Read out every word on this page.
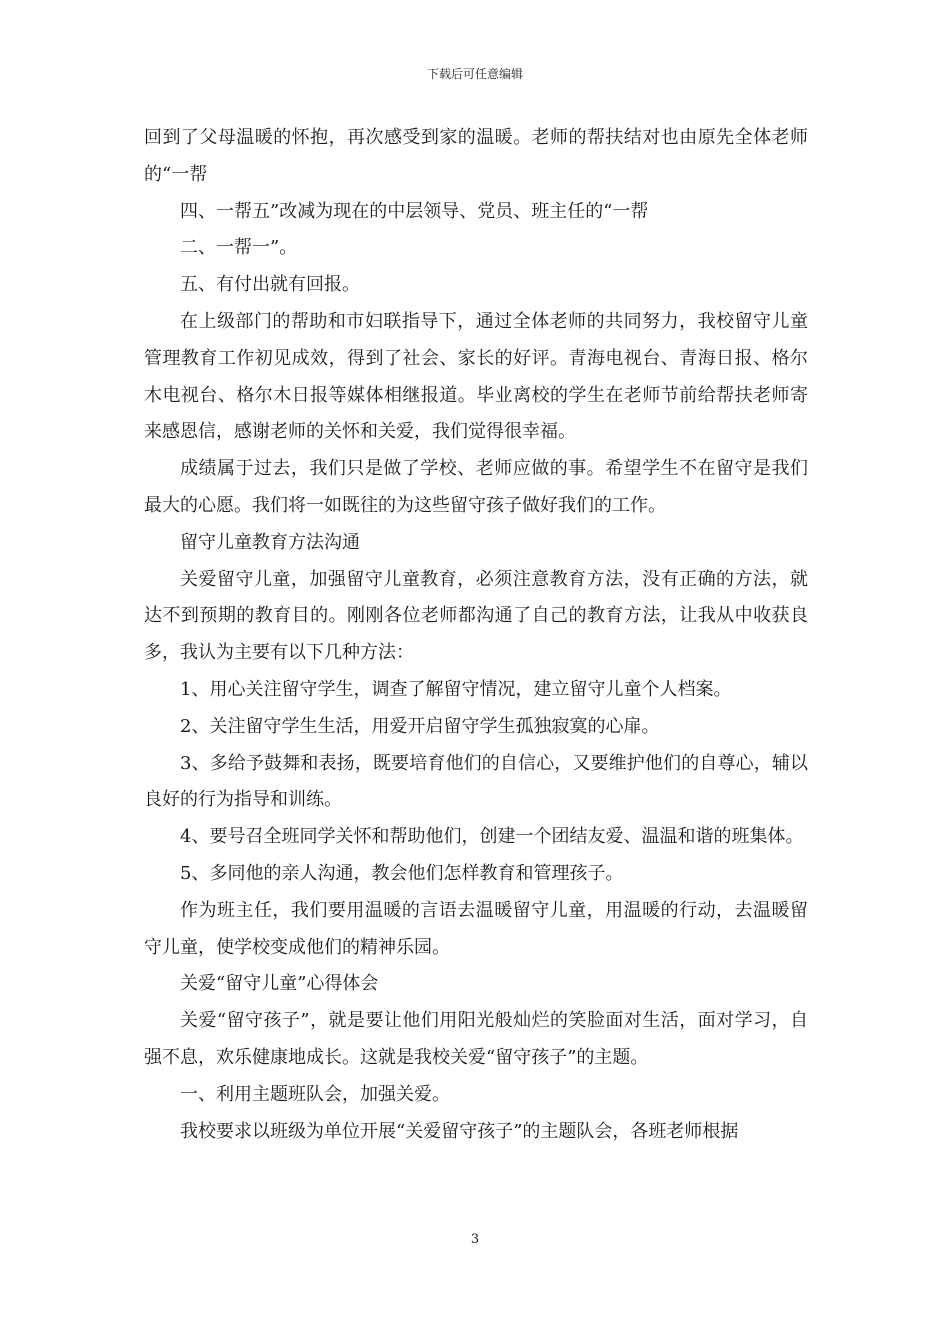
下载后可任意编辑

回到了父母温暖的怀抱，再次感受到家的温暖。老师的帮扶结对也由原先全体老师的“一帮

四、一帮五”改减为现在的中层领导、党员、班主任的“一帮

二、一帮一”。

五、有付出就有回报。

在上级部门的帮助和市妇联指导下，通过全体老师的共同努力，我校留守儿童管理教育工作初见成效，得到了社会、家长的好评。青海电视台、青海日报、格尔木电视台、格尔木日报等媒体相继报道。毕业离校的学生在老师节前给帮扶老师寄来感恩信，感谢老师的关怀和关爱，我们觉得很幸福。

成绩属于过去，我们只是做了学校、老师应做的事。希望学生不在留守是我们最大的心愿。我们将一如既往的为这些留守孩子做好我们的工作。

留守儿童教育方法沟通

关爱留守儿童，加强留守儿童教育，必须注意教育方法，没有正确的方法，就达不到预期的教育目的。刚刚各位老师都沟通了自己的教育方法，让我从中收获良多，我认为主要有以下几种方法：

1、用心关注留守学生，调查了解留守情况，建立留守儿童个人档案。

2、关注留守学生生活，用爱开启留守学生孤独寂寞的心扉。

3、多给予鼓舞和表扬，既要培育他们的自信心，又要维护他们的自尊心，辅以良好的行为指导和训练。

4、要号召全班同学关怀和帮助他们，创建一个团结友爱、温温和谐的班集体。

5、多同他的亲人沟通，教会他们怎样教育和管理孩子。

作为班主任，我们要用温暖的言语去温暖留守儿童，用温暖的行动，去温暖留守儿童，使学校变成他们的精神乐园。

关爱“留守儿童”心得体会

关爱“留守孩子”，就是要让他们用阳光般灿烂的笑脸面对生活，面对学习，自强不息，欢乐健康地成长。这就是我校关爱“留守孩子”的主题。

一、利用主题班队会，加强关爱。

我校要求以班级为单位开展“关爱留守孩子”的主题队会，各班老师根据

3
